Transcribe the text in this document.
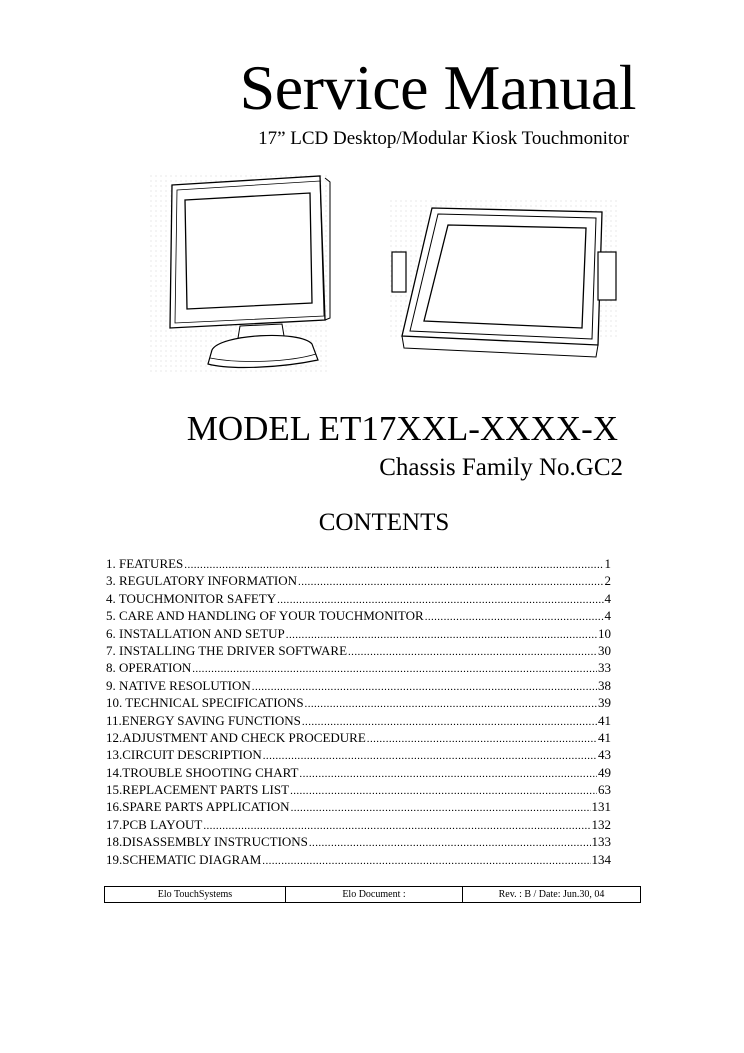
Service Manual
17” LCD Desktop/Modular Kiosk Touchmonitor
MODEL ET17XXL-XXXX-X
Chassis Family No.GC2
CONTENTS
1. FEATURES .....	1
3. REGULATORY INFORMATION .....	2
4. TOUCHMONITOR SAFETY .....	4
5. CARE AND HANDLING OF YOUR TOUCHMONITOR .....	4
6. INSTALLATION AND SETUP .....	10
7. INSTALLING THE DRIVER SOFTWARE .....	30
8. OPERATION .....	33
9. NATIVE RESOLUTION .....	38
10. TECHNICAL SPECIFICATIONS .....	39
11.ENERGY SAVING FUNCTIONS .....	41
12.ADJUSTMENT AND CHECK PROCEDURE .....	41
13.CIRCUIT DESCRIPTION .....	43
14.TROUBLE SHOOTING CHART .....	49
15.REPLACEMENT PARTS LIST .....	63
16.SPARE PARTS APPLICATION .....	131
17.PCB LAYOUT .....	132
18.DISASSEMBLY INSTRUCTIONS .....	133
19.SCHEMATIC DIAGRAM .....	134
Elo TouchSystems	Elo Document :	Rev. : B / Date: Jun.30, 04
